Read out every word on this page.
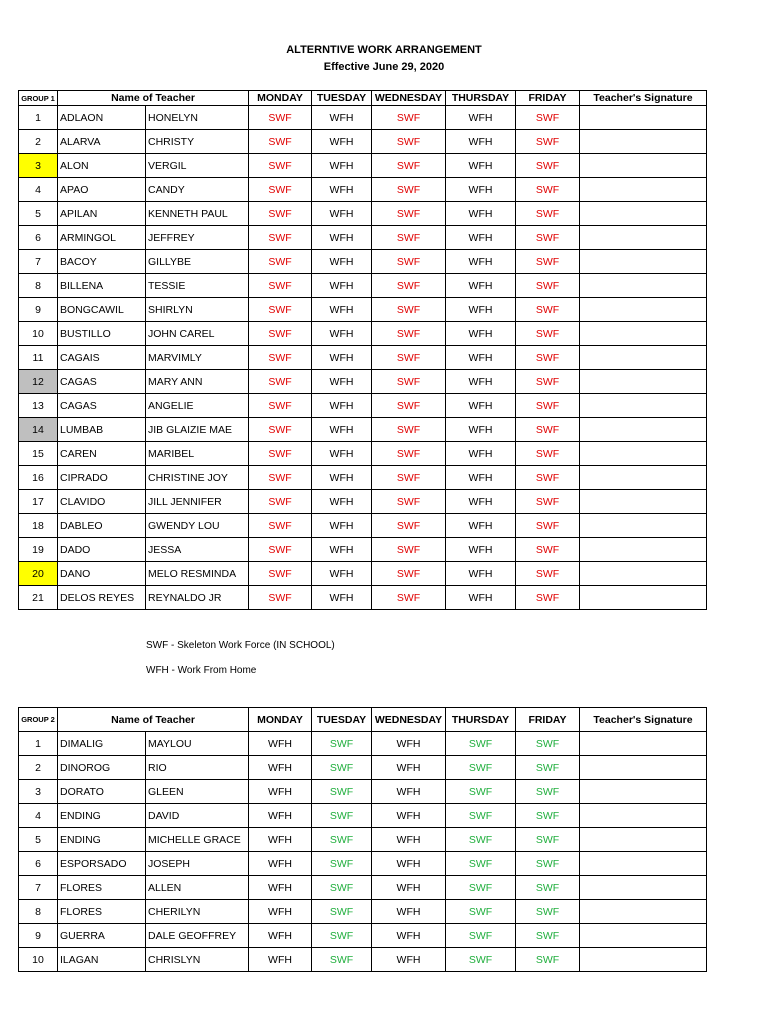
ALTERNTIVE WORK ARRANGEMENT
Effective June 29, 2020
GROUP 1	Name of Teacher		MONDAY	TUESDAY	WEDNESDAY	THURSDAY	FRIDAY	Teacher's Signature
1	ADLAON	HONELYN	SWF	WFH	SWF	WFH	SWF	
2	ALARVA	CHRISTY	SWF	WFH	SWF	WFH	SWF	
3	ALON	VERGIL	SWF	WFH	SWF	WFH	SWF	
4	APAO	CANDY	SWF	WFH	SWF	WFH	SWF	
5	APILAN	KENNETH PAUL	SWF	WFH	SWF	WFH	SWF	
6	ARMINGOL	JEFFREY	SWF	WFH	SWF	WFH	SWF	
7	BACOY	GILLYBE	SWF	WFH	SWF	WFH	SWF	
8	BILLENA	TESSIE	SWF	WFH	SWF	WFH	SWF	
9	BONGCAWIL	SHIRLYN	SWF	WFH	SWF	WFH	SWF	
10	BUSTILLO	JOHN CAREL	SWF	WFH	SWF	WFH	SWF	
11	CAGAIS	MARVIMLY	SWF	WFH	SWF	WFH	SWF	
12	CAGAS	MARY ANN	SWF	WFH	SWF	WFH	SWF	
13	CAGAS	ANGELIE	SWF	WFH	SWF	WFH	SWF	
14	LUMBAB	JIB GLAIZIE MAE	SWF	WFH	SWF	WFH	SWF	
15	CAREN	MARIBEL	SWF	WFH	SWF	WFH	SWF	
16	CIPRADO	CHRISTINE JOY	SWF	WFH	SWF	WFH	SWF	
17	CLAVIDO	JILL JENNIFER	SWF	WFH	SWF	WFH	SWF	
18	DABLEO	GWENDY LOU	SWF	WFH	SWF	WFH	SWF	
19	DADO	JESSA	SWF	WFH	SWF	WFH	SWF	
20	DANO	MELO RESMINDA	SWF	WFH	SWF	WFH	SWF	
21	DELOS REYES	REYNALDO JR	SWF	WFH	SWF	WFH	SWF	
SWF - Skeleton Work Force (IN SCHOOL)
WFH - Work From Home
GROUP 2	Name of Teacher		MONDAY	TUESDAY	WEDNESDAY	THURSDAY	FRIDAY	Teacher's Signature
1	DIMALIG	MAYLOU	WFH	SWF	WFH	SWF	SWF	
2	DINOROG	RIO	WFH	SWF	WFH	SWF	SWF	
3	DORATO	GLEEN	WFH	SWF	WFH	SWF	SWF	
4	ENDING	DAVID	WFH	SWF	WFH	SWF	SWF	
5	ENDING	MICHELLE GRACE	WFH	SWF	WFH	SWF	SWF	
6	ESPORSADO	JOSEPH	WFH	SWF	WFH	SWF	SWF	
7	FLORES	ALLEN	WFH	SWF	WFH	SWF	SWF	
8	FLORES	CHERILYN	WFH	SWF	WFH	SWF	SWF	
9	GUERRA	DALE GEOFFREY	WFH	SWF	WFH	SWF	SWF	
10	ILAGAN	CHRISLYN	WFH	SWF	WFH	SWF	SWF	
